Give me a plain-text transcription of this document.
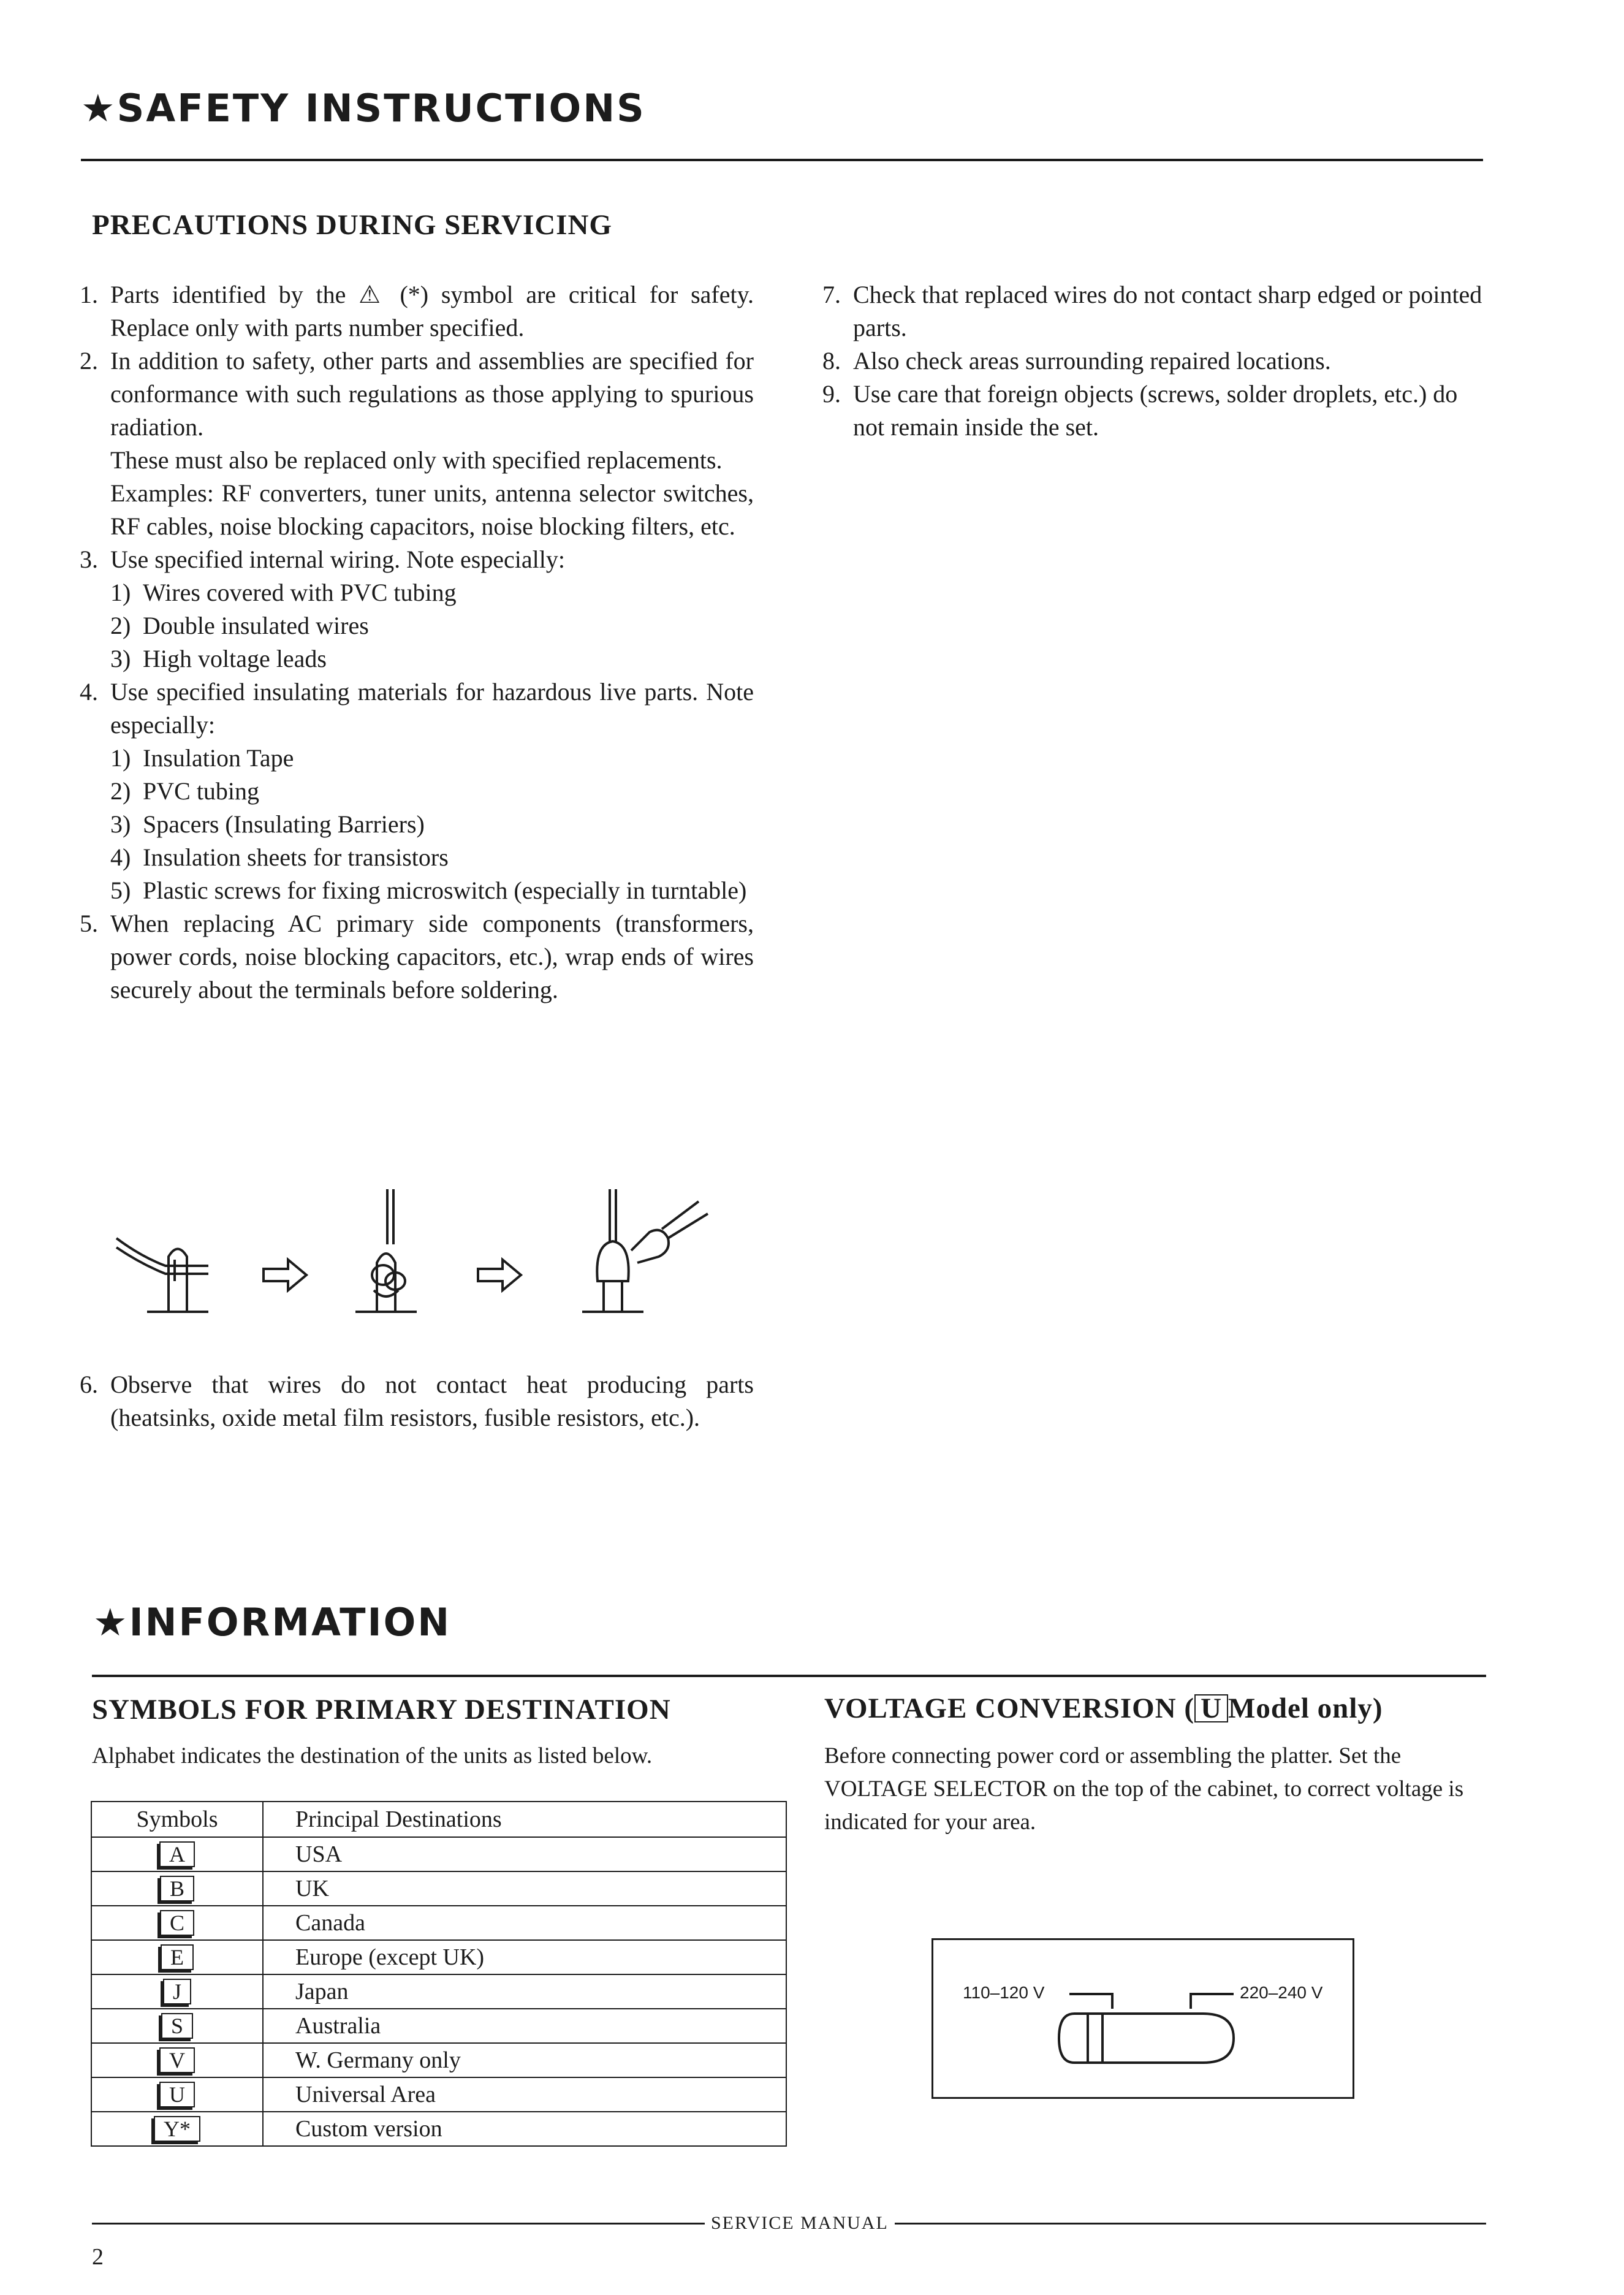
★SAFETY INSTRUCTIONS
PRECAUTIONS DURING SERVICING
1. Parts identified by the ⚠ (*) symbol are critical for safety. Replace only with parts number specified.
2. In addition to safety, other parts and assemblies are specified for conformance with such regulations as those applying to spurious radiation.
These must also be replaced only with specified replacements.
Examples: RF converters, tuner units, antenna selector switches, RF cables, noise blocking capacitors, noise blocking filters, etc.
3. Use specified internal wiring. Note especially:
1) Wires covered with PVC tubing
2) Double insulated wires
3) High voltage leads
4. Use specified insulating materials for hazardous live parts. Note especially:
1) Insulation Tape
2) PVC tubing
3) Spacers (Insulating Barriers)
4) Insulation sheets for transistors
5) Plastic screws for fixing microswitch (especially in turntable)
5. When replacing AC primary side components (transformers, power cords, noise blocking capacitors, etc.), wrap ends of wires securely about the terminals before soldering.
6. Observe that wires do not contact heat producing parts (heatsinks, oxide metal film resistors, fusible resistors, etc.).
7. Check that replaced wires do not contact sharp edged or pointed parts.
8. Also check areas surrounding repaired locations.
9. Use care that foreign objects (screws, solder droplets, etc.) do not remain inside the set.
★INFORMATION
SYMBOLS FOR PRIMARY DESTINATION
Alphabet indicates the destination of the units as listed below.
Symbols	Principal Destinations
A	USA
B	UK
C	Canada
E	Europe (except UK)
J	Japan
S	Australia
V	W. Germany only
U	Universal Area
Y*	Custom version
VOLTAGE CONVERSION ( U Model only)
Before connecting power cord or assembling the platter. Set the VOLTAGE SELECTOR on the top of the cabinet, to correct voltage is indicated for your area.
110–120 V	220–240 V
SERVICE MANUAL
2
